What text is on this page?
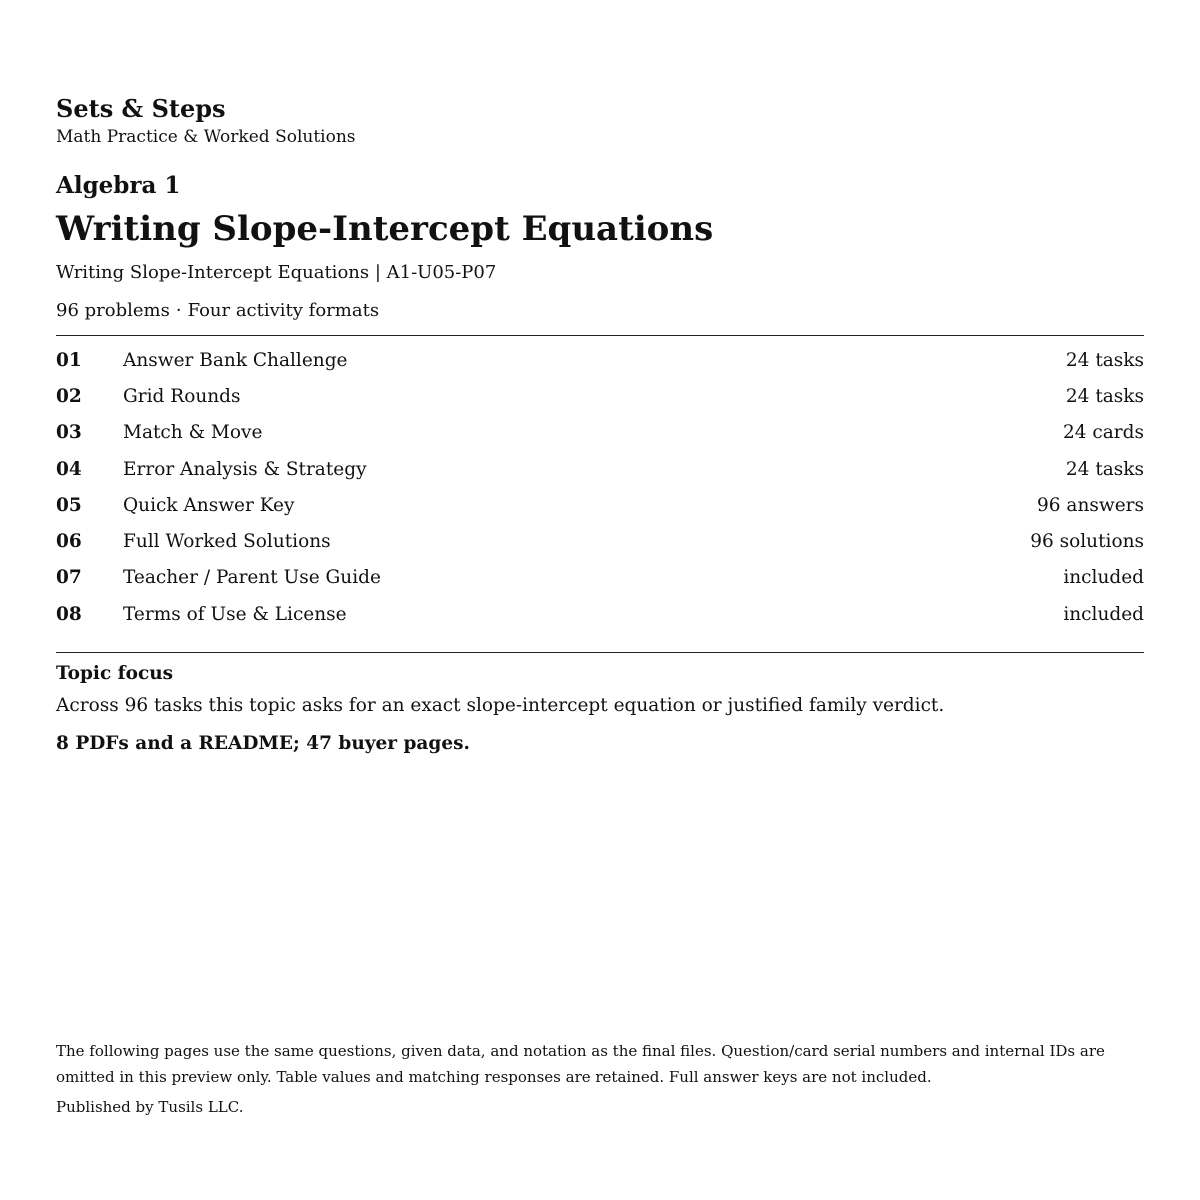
Sets & Steps

Math Practice & Worked Solutions

Algebra 1

Writing Slope-Intercept Equations

Writing Slope-Intercept Equations | A1-U05-P07

96 problems · Four activity formats

01	Answer Bank Challenge	24 tasks
02	Grid Rounds	24 tasks
03	Match & Move	24 cards
04	Error Analysis & Strategy	24 tasks
05	Quick Answer Key	96 answers
06	Full Worked Solutions	96 solutions
07	Teacher / Parent Use Guide	included
08	Terms of Use & License	included

Topic focus

Across 96 tasks this topic asks for an exact slope-intercept equation or justified family verdict.

8 PDFs and a README; 47 buyer pages.

The following pages use the same questions, given data, and notation as the final files. Question/card serial numbers and internal IDs are omitted in this preview only. Table values and matching responses are retained. Full answer keys are not included.

Published by Tusils LLC.
